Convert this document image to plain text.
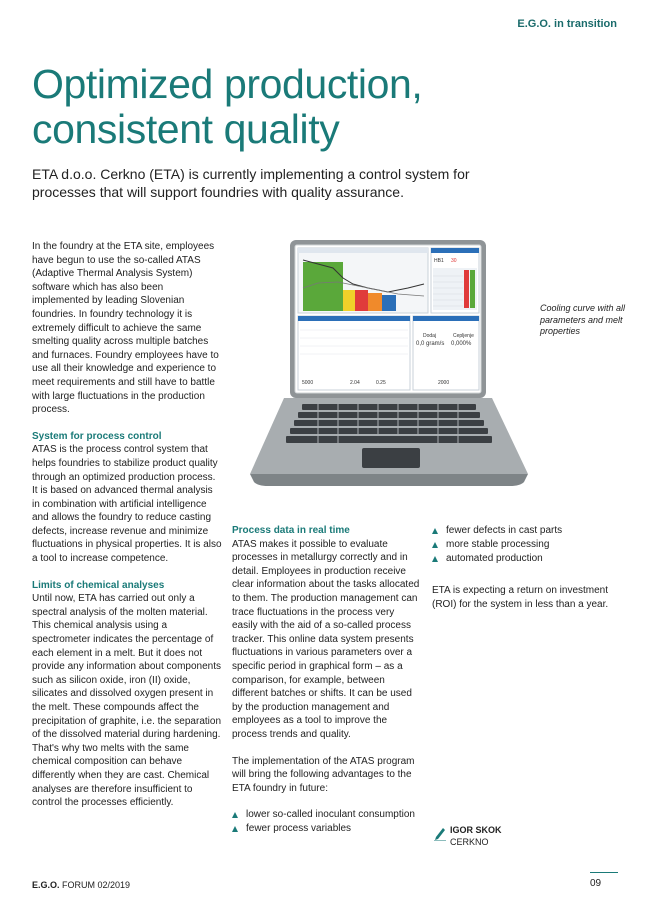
E.G.O. in transition
Optimized production,
consistent quality
ETA d.o.o. Cerkno (ETA) is currently implementing a control system for processes that will support foundries with quality assurance.

In the foundry at the ETA site, employees have begun to use the so-called ATAS (Adaptive Thermal Analysis System) software which has also been implemented by leading Slovenian foundries. In foundry technology it is extremely difficult to achieve the same smelting quality across multiple batches and furnaces. Foundry employees have to use all their knowledge and experience to meet requirements and still have to battle with large fluctuations in the production process.

System for process control

ATAS is the process control system that helps foundries to stabilize product quality through an optimized production process. It is based on advanced thermal analysis in combination with artificial intelligence and allows the foundry to reduce casting defects, increase revenue and minimize fluctuations in physical properties. It is also a tool to increase competence.

Limits of chemical analyses

Until now, ETA has carried out only a spectral analysis of the molten material. This chemical analysis using a spectrometer indicates the percentage of each element in a melt. But it does not provide any information about components such as silicon oxide, iron (II) oxide, silicates and dissolved oxygen present in the melt. These compounds affect the precipitation of graphite, i.e. the separation of the dissolved material during hardening. That's why two melts with the same chemical composition can behave differently when they are cast. Chemical analyses are therefore insufficient to control the processes efficiently.

HB1 30
5000	2.04	0.25
Dodaj	Cepljenje
0,0 gram/s 0,000%
2000
Cooling curve with all parameters and melt properties
Process data in real time

ATAS makes it possible to evaluate processes in metallurgy correctly and in detail. Employees in production receive clear information about the tasks allocated to them. The production management can trace fluctuations in the process very easily with the aid of a so-called process tracker. This online data system presents fluctuations in various parameters over a specific period in graphical form – as a comparison, for example, between different batches or shifts. It can be used by the production management and employees as a tool to improve the process trends and quality.

The implementation of the ATAS program will bring the following advantages to the ETA foundry in future:

lower so-called inoculant consumption
fewer process variables
fewer defects in cast parts
more stable processing
automated production

ETA is expecting a return on investment (ROI) for the system in less than a year.

IGOR SKOK
CERKNO
E.G.O. FORUM 02/2019	09
